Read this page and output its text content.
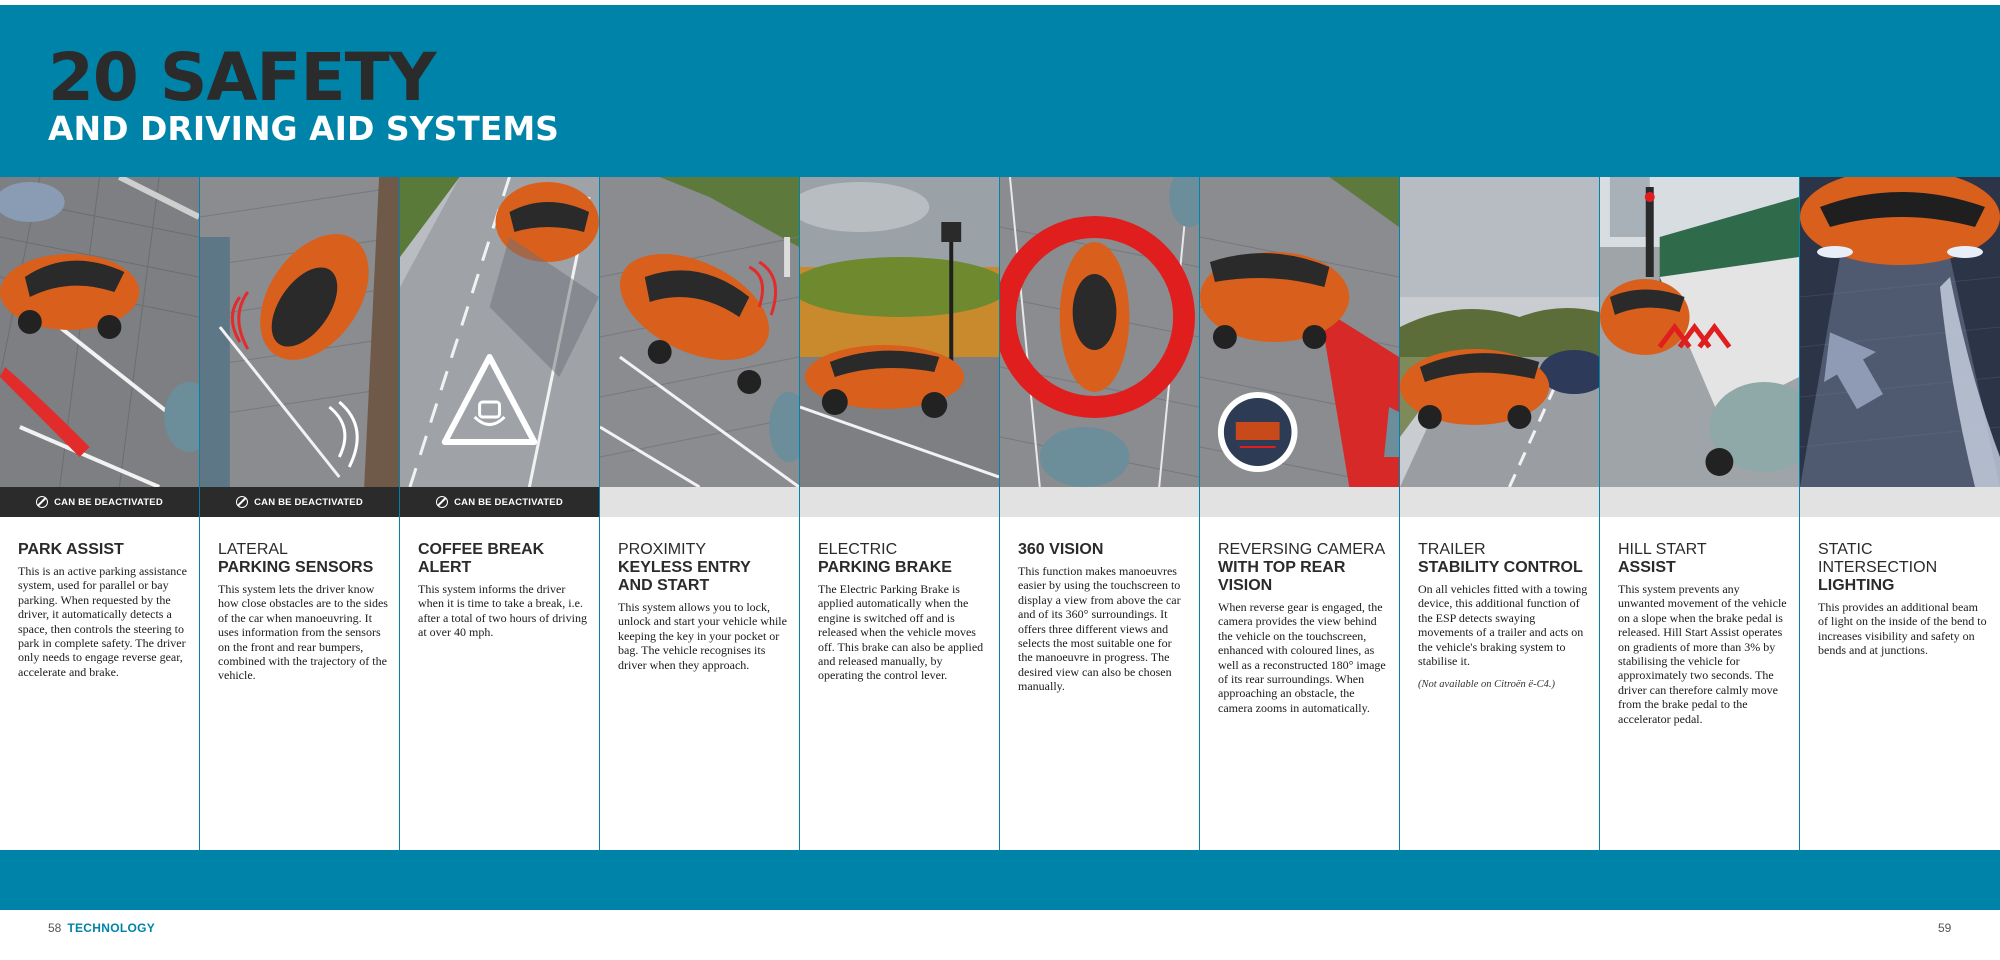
20 SAFETY
AND DRIVING AID SYSTEMS
CAN BE DEACTIVATED
PARK ASSIST
This is an active parking assistance system, used for parallel or bay parking. When requested by the driver, it automatically detects a space, then controls the steering to park in complete safety. The driver only needs to engage reverse gear, accelerate and brake.
CAN BE DEACTIVATED
LATERAL
PARKING SENSORS
This system lets the driver know how close obstacles are to the sides of the car when manoeuvring. It uses information from the sensors on the front and rear bumpers, combined with the trajectory of the vehicle.
CAN BE DEACTIVATED
COFFEE BREAK ALERT
This system informs the driver when it is time to take a break, i.e. after a total of two hours of driving at over 40 mph.
PROXIMITY
KEYLESS ENTRY AND START
This system allows you to lock, unlock and start your vehicle while keeping the key in your pocket or bag. The vehicle recognises its driver when they approach.
ELECTRIC
PARKING BRAKE
The Electric Parking Brake is applied automatically when the engine is switched off and is released when the vehicle moves off. This brake can also be applied and released manually, by operating the control lever.
360 VISION
This function makes manoeuvres easier by using the touchscreen to display a view from above the car and of its 360° surroundings. It offers three different views and selects the most suitable one for the manoeuvre in progress. The desired view can also be chosen manually.
REVERSING CAMERA
WITH TOP REAR VISION
When reverse gear is engaged, the camera provides the view behind the vehicle on the touchscreen, enhanced with coloured lines, as well as a reconstructed 180° image of its rear surroundings. When approaching an obstacle, the camera zooms in automatically.
TRAILER
STABILITY CONTROL
On all vehicles fitted with a towing device, this additional function of the ESP detects swaying movements of a trailer and acts on the vehicle's braking system to stabilise it.
(Not available on Citroën ë-C4.)
HILL START
ASSIST
This system prevents any unwanted movement of the vehicle on a slope when the brake pedal is released. Hill Start Assist operates on gradients of more than 3% by stabilising the vehicle for approximately two seconds. The driver can therefore calmly move from the brake pedal to the accelerator pedal.
STATIC INTERSECTION
LIGHTING
This provides an additional beam of light on the inside of the bend to increases visibility and safety on bends and at junctions.
58 TECHNOLOGY	59
